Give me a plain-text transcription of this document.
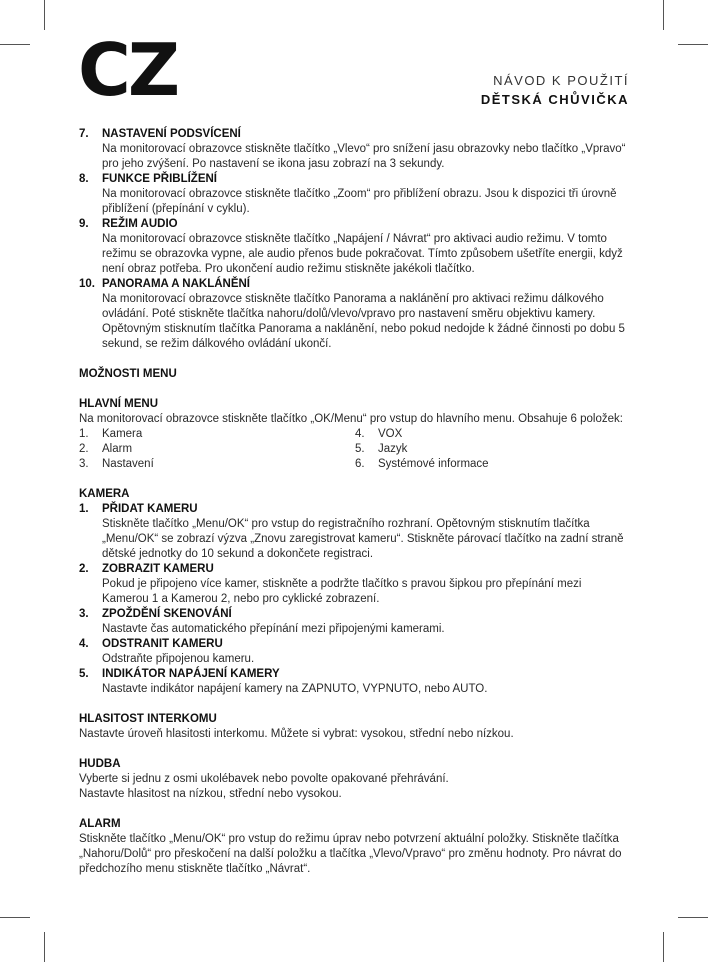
CZ	NÁVOD K POUŽITÍ
DĚTSKÁ CHŮVIČKA
7.	NASTAVENÍ PODSVÍCENÍ

Na monitorovací obrazovce stiskněte tlačítko „Vlevo“ pro snížení jasu obrazovky nebo tlačítko „Vpravo“ pro jeho zvýšení. Po nastavení se ikona jasu zobrazí na 3 sekundy.

8.	FUNKCE PŘIBLÍŽENÍ

Na monitorovací obrazovce stiskněte tlačítko „Zoom“ pro přiblížení obrazu. Jsou k dispozici tři úrovně přiblížení (přepínání v cyklu).

9.	REŽIM AUDIO

Na monitorovací obrazovce stiskněte tlačítko „Napájení / Návrat“ pro aktivaci audio režimu. V tomto režimu se obrazovka vypne, ale audio přenos bude pokračovat. Tímto způsobem ušetříte energii, když není obraz potřeba. Pro ukončení audio režimu stiskněte jakékoli tlačítko.

10. PANORAMA A NAKLÁNĚNÍ

Na monitorovací obrazovce stiskněte tlačítko Panorama a naklánění pro aktivaci režimu dálkového ovládání. Poté stiskněte tlačítka nahoru/dolů/vlevo/vpravo pro nastavení směru objektivu kamery. Opětovným stisknutím tlačítka Panorama a naklánění, nebo pokud nedojde k žádné činnosti po dobu 5 sekund, se režim dálkového ovládání ukončí.

MOŽNOSTI MENU
HLAVNÍ MENU

Na monitorovací obrazovce stiskněte tlačítko „OK/Menu“ pro vstup do hlavního menu. Obsahuje 6 položek:

1.	Kamera
2.	Alarm
3.	Nastavení
4.	VOX
5.	Jazyk
6.	Systémové informace
KAMERA
1.	PŘIDAT KAMERU

Stiskněte tlačítko „Menu/OK“ pro vstup do registračního rozhraní. Opětovným stisknutím tlačítka „Menu/OK“ se zobrazí výzva „Znovu zaregistrovat kameru“. Stiskněte párovací tlačítko na zadní straně dětské jednotky do 10 sekund a dokončete registraci.

2.	ZOBRAZIT KAMERU

Pokud je připojeno více kamer, stiskněte a podržte tlačítko s pravou šipkou pro přepínání mezi Kamerou 1 a Kamerou 2, nebo pro cyklické zobrazení.

3.	ZPOŽDĚNÍ SKENOVÁNÍ

Nastavte čas automatického přepínání mezi připojenými kamerami.

4.	ODSTRANIT KAMERU

Odstraňte připojenou kameru.

5.	INDIKÁTOR NAPÁJENÍ KAMERY

Nastavte indikátor napájení kamery na ZAPNUTO, VYPNUTO, nebo AUTO.

HLASITOST INTERKOMU

Nastavte úroveň hlasitosti interkomu. Můžete si vybrat: vysokou, střední nebo nízkou.

HUDBA

Vyberte si jednu z osmi ukolébavek nebo povolte opakované přehrávání.

Nastavte hlasitost na nízkou, střední nebo vysokou.

ALARM

Stiskněte tlačítko „Menu/OK“ pro vstup do režimu úprav nebo potvrzení aktuální položky. Stiskněte tlačítka „Nahoru/Dolů“ pro přeskočení na další položku a tlačítka „Vlevo/Vpravo“ pro změnu hodnoty. Pro návrat do předchozího menu stiskněte tlačítko „Návrat“.
